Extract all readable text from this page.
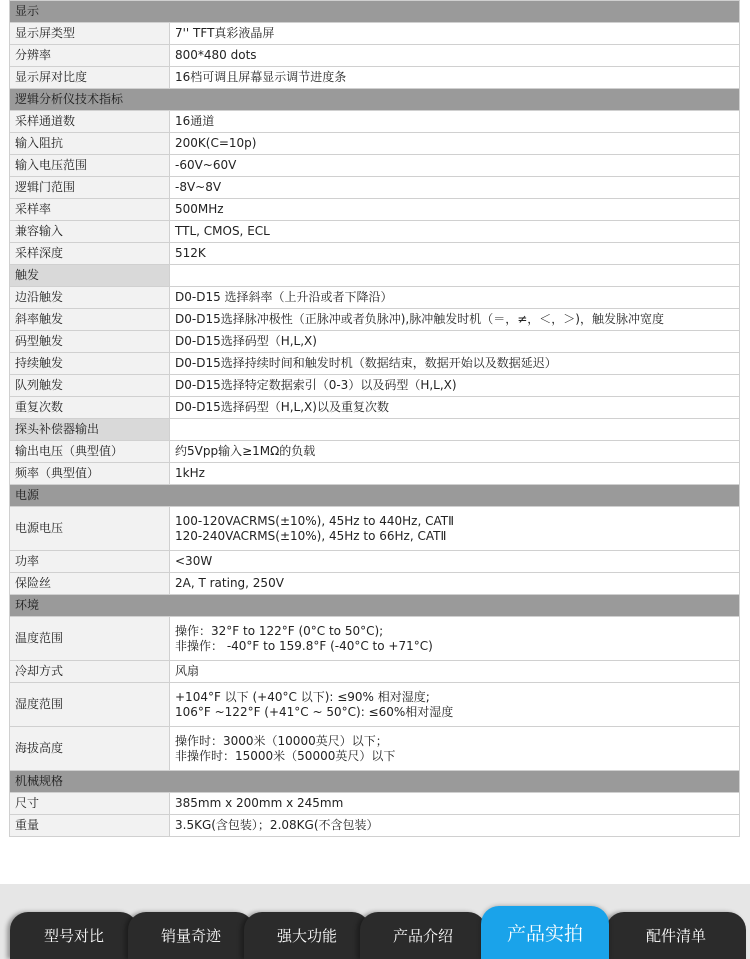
显示	
显示屏类型	7'' TFT真彩液晶屏

分辨率	800*480 dots

显示屏对比度	16档可调且屏幕显示调节进度条

逻辑分析仪技术指标	
采样通道数	16通道

输入阻抗	200K(C=10p)

输入电压范围	-60V~60V

逻辑门范围	-8V~8V

采样率	500MHz

兼容输入	TTL, CMOS, ECL

采样深度	512K

触发	
边沿触发	D0-D15 选择斜率（上升沿或者下降沿）

斜率触发	D0-D15选择脉冲极性（正脉冲或者负脉冲),脉冲触发时机（＝，≠，＜，＞)，触发脉冲宽度

码型触发	D0-D15选择码型（H,L,X)

持续触发	D0-D15选择持续时间和触发时机（数据结束，数据开始以及数据延迟）

队列触发	D0-D15选择特定数据索引（0-3）以及码型（H,L,X)

重复次数	D0-D15选择码型（H,L,X)以及重复次数

探头补偿器输出	
输出电压（典型值）	约5Vpp输入≥1MΩ的负载

频率（典型值）	1kHz

电源	
电源电压	100-120VACRMS(±10%), 45Hz to 440Hz, CATⅡ
120-240VACRMS(±10%), 45Hz to 66Hz, CATⅡ

功率	<30W

保险丝	2A, T rating, 250V

环境	
温度范围	操作：32°F to 122°F (0°C to 50°C);
非操作： -40°F to 159.8°F (-40°C to +71°C)

冷却方式	风扇

湿度范围	+104°F 以下 (+40°C 以下): ≤90% 相对湿度;
106°F ~122°F (+41°C ~ 50°C): ≤60%相对湿度

海拔高度	操作时：3000米（10000英尺）以下；
非操作时：15000米（50000英尺）以下

机械规格	
尺寸	385mm x 200mm x 245mm

重量	3.5KG(含包装）；2.08KG(不含包装）
型号对比	销量奇迹	强大功能	产品介绍	产品实拍	配件清单
